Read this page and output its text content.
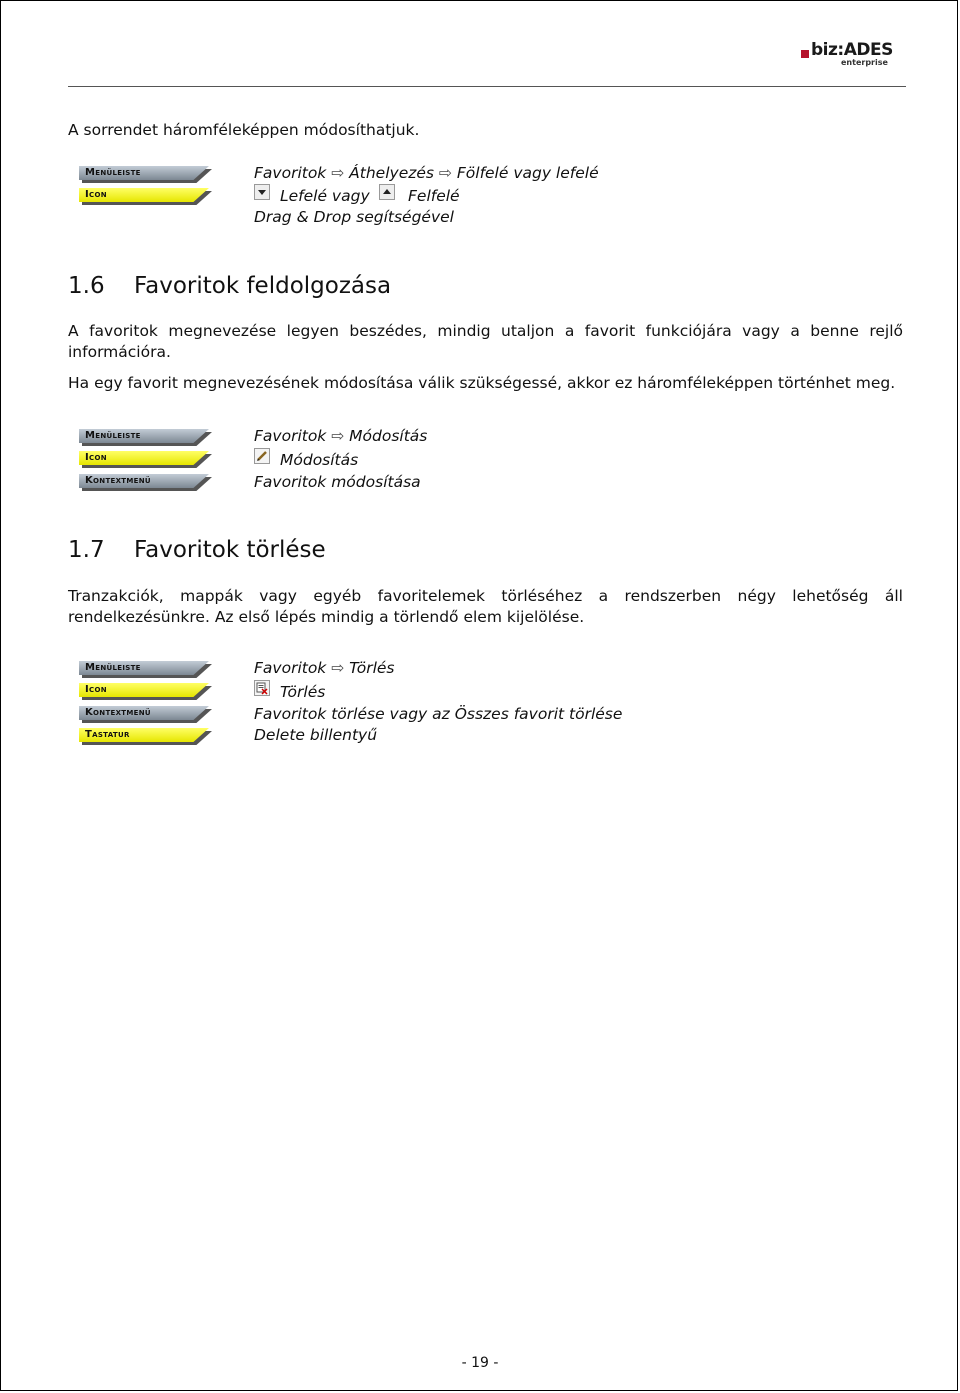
biz:ADES
enterprise
A sorrendet háromféleképpen módosíthatjuk.
Menüleiste
Icon
Favoritok ⇨ Áthelyezés ⇨ Fölfelé vagy lefelé
Lefelé vagy Felfelé
Drag & Drop segítségével
1.6 Favoritok feldolgozása
A favoritok megnevezése legyen beszédes, mindig utaljon a favorit funkciójára vagy a benne rejlő
információra.
Ha egy favorit megnevezésének módosítása válik szükségessé, akkor ez háromféleképpen történhet meg.
Menüleiste
Icon
Kontextmenü
Favoritok ⇨ Módosítás
Módosítás
Favoritok módosítása
1.7 Favoritok törlése
Tranzakciók, mappák vagy egyéb favoritelemek törléséhez a rendszerben négy lehetőség áll
rendelkezésünkre. Az első lépés mindig a törlendő elem kijelölése.
Menüleiste
Icon
Kontextmenü
Tastatur
Favoritok ⇨ Törlés
Törlés
Favoritok törlése vagy az Összes favorit törlése
Delete billentyű
- 19 -
